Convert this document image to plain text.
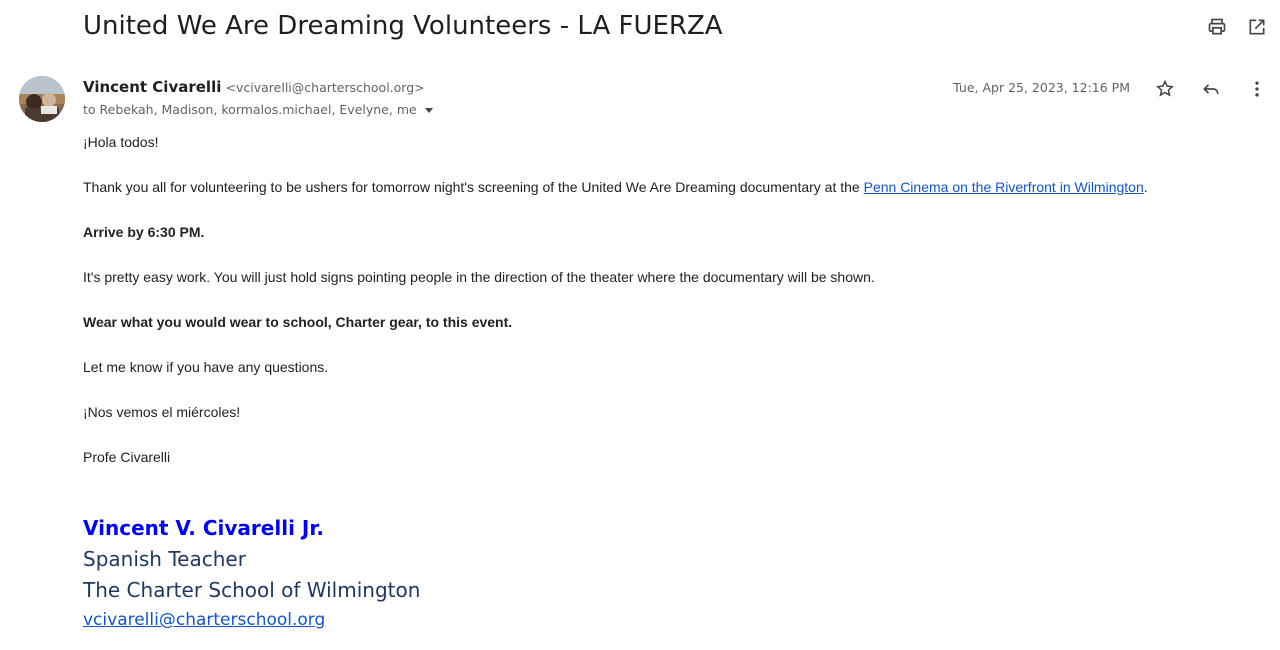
United We Are Dreaming Volunteers - LA FUERZA
Vincent Civarelli <vcivarelli@charterschool.org>
to Rebekah, Madison, kormalos.michael, Evelyne, me
Tue, Apr 25, 2023, 12:16 PM

¡Hola todos!

Thank you all for volunteering to be ushers for tomorrow night's screening of the United We Are Dreaming documentary at the Penn Cinema on the Riverfront in Wilmington.

Arrive by 6:30 PM.

It's pretty easy work. You will just hold signs pointing people in the direction of the theater where the documentary will be shown.

Wear what you would wear to school, Charter gear, to this event.

Let me know if you have any questions.

¡Nos vemos el miércoles!

Profe Civarelli

Vincent V. Civarelli Jr.
Spanish Teacher
The Charter School of Wilmington
vcivarelli@charterschool.org
